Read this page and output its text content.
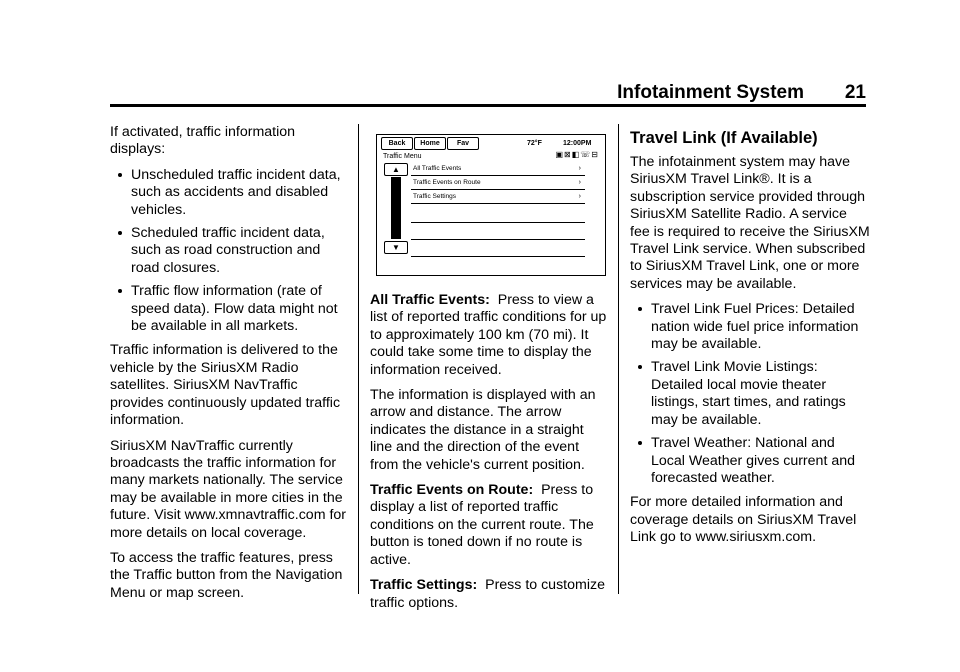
Infotainment System 21

If activated, traffic information displays:

Unscheduled traffic incident data, such as accidents and disabled vehicles.
Scheduled traffic incident data, such as road construction and road closures.
Traffic flow information (rate of speed data). Flow data might not be available in all markets.

Traffic information is delivered to the vehicle by the SiriusXM Radio satellites. SiriusXM NavTraffic provides continuously updated traffic information.

SiriusXM NavTraffic currently broadcasts the traffic information for many markets nationally. The service may be available in more cities in the future. Visit www.xmnavtraffic.com for more details on local coverage.

To access the traffic features, press the Traffic button from the Navigation Menu or map screen.

Back	Home	Fav	72°F	12:00PM
Traffic Menu	▣⊠◧☏⊟
▲
▼
All Traffic Events	›
Traffic Events on Route	›
Traffic Settings	›

All Traffic Events: Press to view a list of reported traffic conditions for up to approximately 100 km (70 mi). It could take some time to display the information received.

The information is displayed with an arrow and distance. The arrow indicates the distance in a straight line and the direction of the event from the vehicle's current position.

Traffic Events on Route: Press to display a list of reported traffic conditions on the current route. The button is toned down if no route is active.

Traffic Settings: Press to customize traffic options.

Travel Link (If Available)

The infotainment system may have SiriusXM Travel Link®. It is a subscription service provided through SiriusXM Satellite Radio. A service fee is required to receive the SiriusXM Travel Link service. When subscribed to SiriusXM Travel Link, one or more services may be available.

Travel Link Fuel Prices: Detailed nation wide fuel price information may be available.
Travel Link Movie Listings: Detailed local movie theater listings, start times, and ratings may be available.
Travel Weather: National and Local Weather gives current and forecasted weather.

For more detailed information and coverage details on SiriusXM Travel Link go to www.siriusxm.com.
